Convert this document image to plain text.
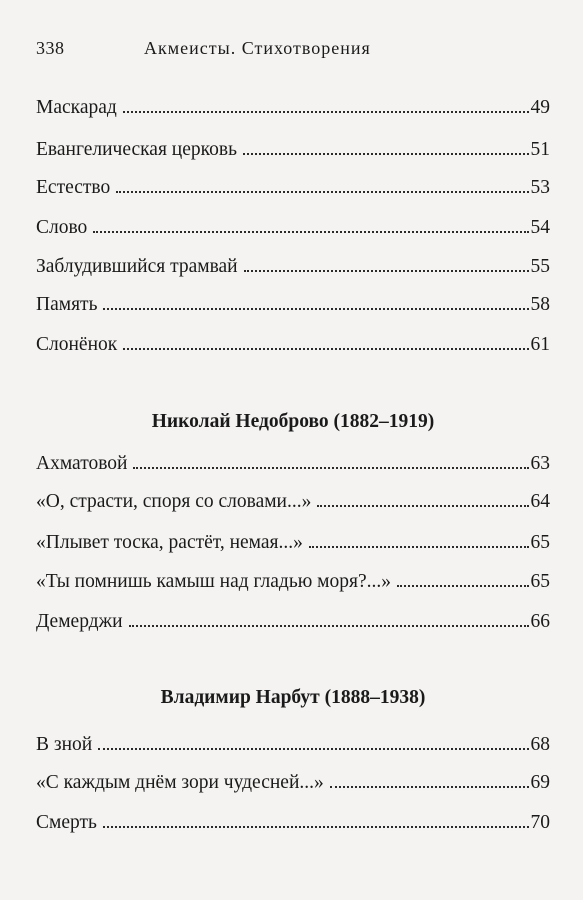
338	Акмеисты. Стихотворения
Маскарад	49
Евангелическая церковь	51
Естество	53
Слово	54
Заблудившийся трамвай	55
Память	58
Слонёнок	61
Николай Недоброво (1882–1919)
Ахматовой	63
«О, страсти, споря со словами...»	64
«Плывет тоска, растёт, немая...»	65
«Ты помнишь камыш над гладью моря?...»	65
Демерджи	66
Владимир Нарбут (1888–1938)
В зной	68
«С каждым днём зори чудесней...»	69
Смерть	70
